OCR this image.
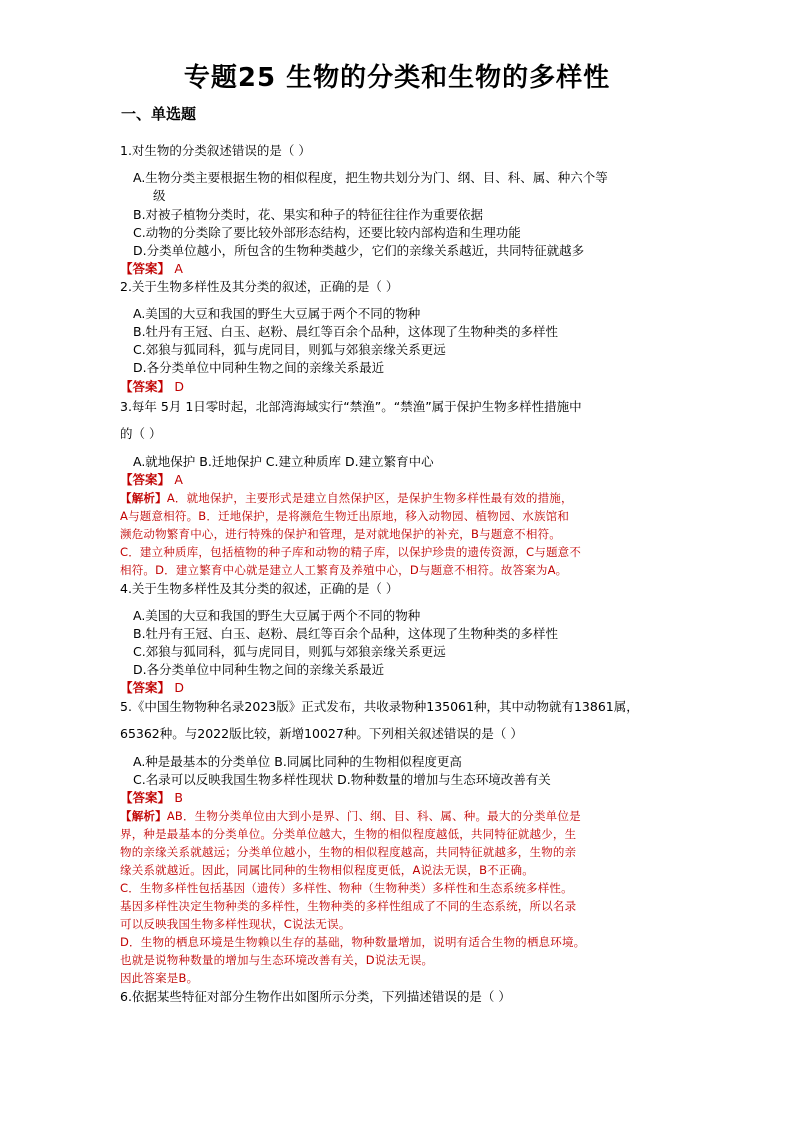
专题25 生物的分类和生物的多样性
一、单选题
1.对生物的分类叙述错误的是（ ）
A.生物分类主要根据生物的相似程度，把生物共划分为门、纲、目、科、属、种六个等
级
B.对被子植物分类时，花、果实和种子的特征往往作为重要依据
C.动物的分类除了要比较外部形态结构，还要比较内部构造和生理功能
D.分类单位越小，所包含的生物种类越少，它们的亲缘关系越近，共同特征就越多
【答案】 A
2.关于生物多样性及其分类的叙述，正确的是（ ）
A.美国的大豆和我国的野生大豆属于两个不同的物种
B.牡丹有王冠、白玉、赵粉、晨红等百余个品种，这体现了生物种类的多样性
C.郊狼与狐同科，狐与虎同目，则狐与郊狼亲缘关系更远
D.各分类单位中同种生物之间的亲缘关系最近
【答案】 D
3.每年 5月 1日零时起，北部湾海域实行“禁渔”。“禁渔”属于保护生物多样性措施中
的（ ）
A.就地保护 B.迁地保护 C.建立种质库 D.建立繁育中心
【答案】 A
【解析】A．就地保护，主要形式是建立自然保护区，是保护生物多样性最有效的措施，
A与题意相符。B．迁地保护，是将濒危生物迁出原地，移入动物园、植物园、水族馆和
濒危动物繁育中心，进行特殊的保护和管理，是对就地保护的补充，B与题意不相符。
C．建立种质库，包括植物的种子库和动物的精子库，以保护珍贵的遗传资源，C与题意不
相符。D．建立繁育中心就是建立人工繁育及养殖中心，D与题意不相符。故答案为A。
4.关于生物多样性及其分类的叙述，正确的是（ ）
A.美国的大豆和我国的野生大豆属于两个不同的物种
B.牡丹有王冠、白玉、赵粉、晨红等百余个品种，这体现了生物种类的多样性
C.郊狼与狐同科，狐与虎同目，则狐与郊狼亲缘关系更远
D.各分类单位中同种生物之间的亲缘关系最近
【答案】 D
5.《中国生物物种名录2023版》正式发布，共收录物种135061种，其中动物就有13861属，
65362种。与2022版比较，新增10027种。下列相关叙述错误的是（ ）
A.种是最基本的分类单位 B.同属比同种的生物相似程度更高
C.名录可以反映我国生物多样性现状 D.物种数量的增加与生态环境改善有关
【答案】 B
【解析】AB．生物分类单位由大到小是界、门、纲、目、科、属、种。最大的分类单位是
界，种是最基本的分类单位。分类单位越大，生物的相似程度越低，共同特征就越少，生
物的亲缘关系就越远；分类单位越小，生物的相似程度越高，共同特征就越多，生物的亲
缘关系就越近。因此，同属比同种的生物相似程度更低，A说法无误，B不正确。
C．生物多样性包括基因（遗传）多样性、物种（生物种类）多样性和生态系统多样性。
基因多样性决定生物种类的多样性，生物种类的多样性组成了不同的生态系统，所以名录
可以反映我国生物多样性现状，C说法无误。
D．生物的栖息环境是生物赖以生存的基础，物种数量增加，说明有适合生物的栖息环境。
也就是说物种数量的增加与生态环境改善有关，D说法无误。
因此答案是B。
6.依据某些特征对部分生物作出如图所示分类，下列描述错误的是（ ）
